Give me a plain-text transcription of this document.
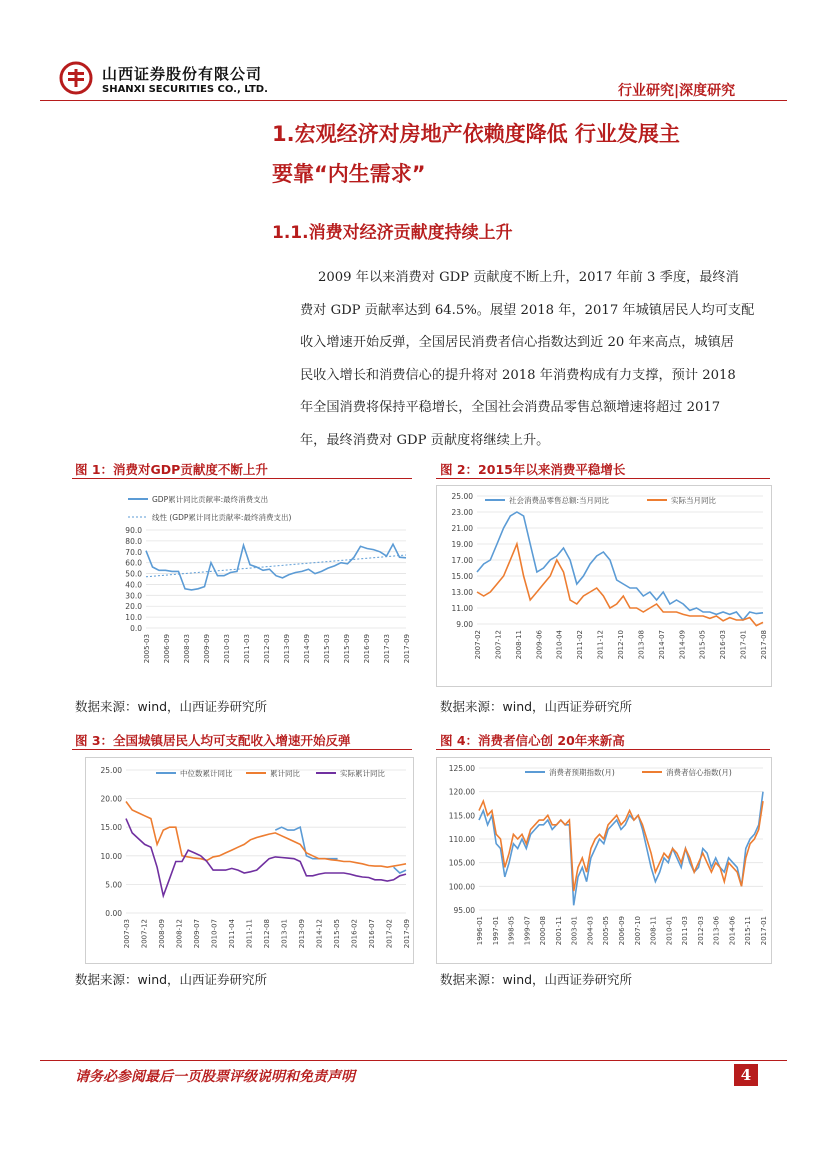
山西证券股份有限公司
SHANXI SECURITIES CO., LTD.	行业研究|深度研究
1.宏观经济对房地产依赖度降低 行业发展主
要靠“内生需求”
1.1.消费对经济贡献度持续上升
2009 年以来消费对 GDP 贡献度不断上升，2017 年前 3 季度，最终消
费对 GDP 贡献率达到 64.5%。展望 2018 年，2017 年城镇居民人均可支配
收入增速开始反弹，全国居民消费者信心指数达到近 20 年来高点，城镇居
民收入增长和消费信心的提升将对 2018 年消费构成有力支撑，预计 2018
年全国消费将保持平稳增长，全国社会消费品零售总额增速将超过 2017
年，最终消费对 GDP 贡献度将继续上升。
图 1：消费对GDP贡献度不断上升	图 2：2015年以来消费平稳增长
图 3：全国城镇居民人均可支配收入增速开始反弹	图 4：消费者信心创 20年来新高
0.0
10.0
20.0
30.0
40.0
50.0
60.0
70.0
80.0
90.0
2005-03 2006-09 2008-03 2009-09 2010-03 2011-03 2012-03 2013-09 2014-09 2015-03 2015-09 2016-09 2017-03 2017-09
GDP累计同比贡献率:最终消费支出
线性 (GDP累计同比贡献率:最终消费支出)
9.00
11.00
13.00
15.00
17.00
19.00
21.00
23.00
25.00
2007-02 2007-12 2008-11 2009-06 2010-04 2011-02 2011-12 2012-10 2013-08 2014-07 2014-09 2015-05 2016-03 2017-01 2017-08
社会消费品零售总额:当月同比	实际当月同比
0.00
5.00
10.00
15.00
20.00
25.00
2007-03 2007-12 2008-09 2008-12 2009-07 2010-07 2011-04 2011-11 2012-08 2013-01 2013-09 2014-12 2015-05 2016-02 2016-07 2017-02 2017-09
中位数累计同比	累计同比	实际累计同比
95.00
100.00
105.00
110.00
115.00
120.00
125.00
1996-01 1997-01 1998-05 1999-07 2000-08 2001-11 2003-01 2004-03 2005-05 2006-09 2007-10 2008-11 2010-01 2011-03 2012-03 2013-06 2014-06 2015-11 2017-01
消费者预期指数(月)	消费者信心指数(月)
数据来源：wind，山西证券研究所	数据来源：wind，山西证券研究所
数据来源：wind，山西证券研究所	数据来源：wind，山西证券研究所
请务必参阅最后一页股票评级说明和免责声明	4
